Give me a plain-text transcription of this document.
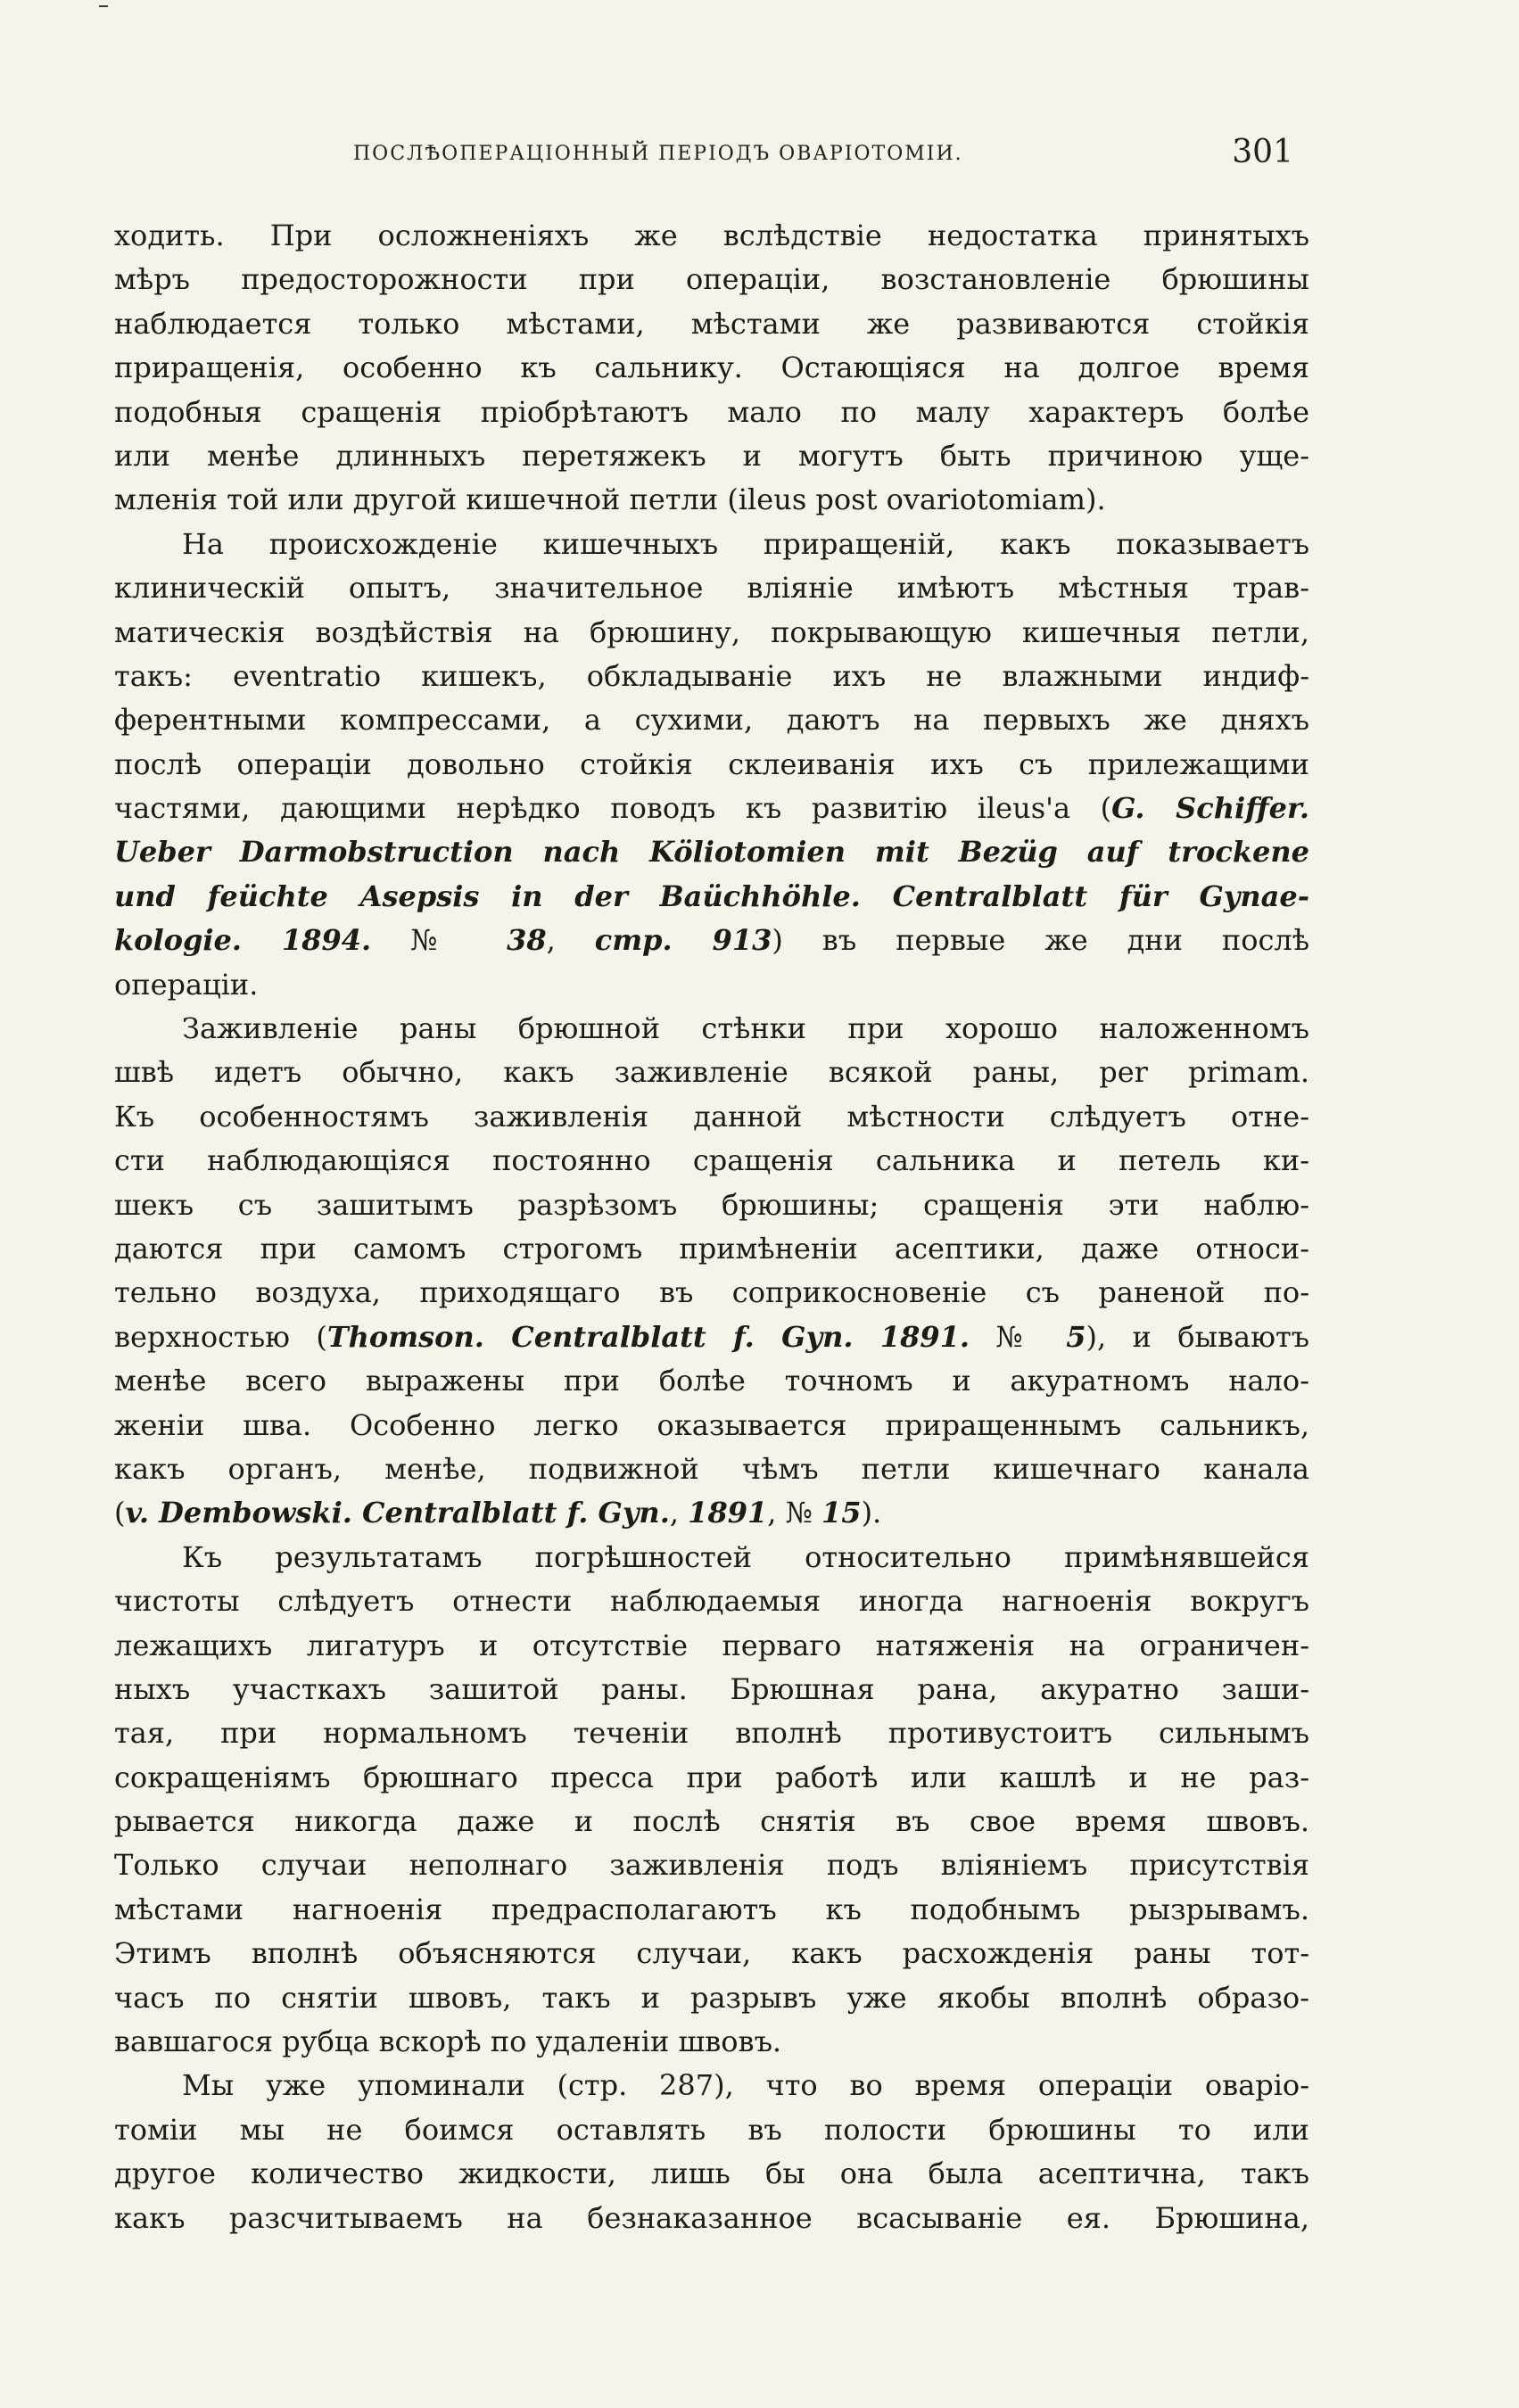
ПОСЛѢОПЕРАЦІОННЫЙ ПЕРІОДЪ ОВАРІОТОМІИ.	301
ходить. При осложненіяхъ же вслѣдствіе недостатка принятыхъ
мѣръ предосторожности при операціи, возстановленіе брюшины
наблюдается только мѣстами, мѣстами же развиваются стойкія
приращенія, особенно къ сальнику. Остающіяся на долгое время
подобныя сращенія пріобрѣтаютъ мало по малу характеръ болѣе
или менѣе длинныхъ перетяжекъ и могутъ быть причиною уще-
мленія той или другой кишечной петли (ileus post ovariotomiam).
На происхожденіе кишечныхъ приращеній, какъ показываетъ
клиническій опытъ, значительное вліяніе имѣютъ мѣстныя трав-
матическія воздѣйствія на брюшину, покрывающую кишечныя петли,
такъ: eventratio кишекъ, обкладываніе ихъ не влажными индиф-
ферентными компрессами, а сухими, даютъ на первыхъ же дняхъ
послѣ операціи довольно стойкія склеиванія ихъ съ прилежащими
частями, дающими нерѣдко поводъ къ развитію ileus'а (G. Schiffer.
Ueber Darmobstruction nach Köliotomien mit Bezüg auf trockene
und feüchte Asepsis in der Baüchhöhle. Centralblatt für Gynae-
kologie. 1894. № 38, стр. 913) въ первые же дни послѣ
операціи.
Заживленіе раны брюшной стѣнки при хорошо наложенномъ
швѣ идетъ обычно, какъ заживленіе всякой раны, per primam.
Къ особенностямъ заживленія данной мѣстности слѣдуетъ отне-
сти наблюдающіяся постоянно сращенія сальника и петель ки-
шекъ съ зашитымъ разрѣзомъ брюшины; сращенія эти наблю-
даются при самомъ строгомъ примѣненіи асептики, даже относи-
тельно воздуха, приходящаго въ соприкосновеніе съ раненой по-
верхностью (Thomson. Centralblatt f. Gyn. 1891. № 5), и бываютъ
менѣе всего выражены при болѣе точномъ и акуратномъ нало-
женіи шва. Особенно легко оказывается приращеннымъ сальникъ,
какъ органъ, менѣе, подвижной чѣмъ петли кишечнаго канала
(v. Dembowski. Centralblatt f. Gyn., 1891, № 15).
Къ результатамъ погрѣшностей относительно примѣнявшейся
чистоты слѣдуетъ отнести наблюдаемыя иногда нагноенія вокругъ
лежащихъ лигатуръ и отсутствіе перваго натяженія на ограничен-
ныхъ участкахъ зашитой раны. Брюшная рана, акуратно заши-
тая, при нормальномъ теченіи вполнѣ противустоитъ сильнымъ
сокращеніямъ брюшнаго пресса при работѣ или кашлѣ и не раз-
рывается никогда даже и послѣ снятія въ свое время швовъ.
Только случаи неполнаго заживленія подъ вліяніемъ присутствія
мѣстами нагноенія предрасполагаютъ къ подобнымъ рызрывамъ.
Этимъ вполнѣ объясняются случаи, какъ расхожденія раны тот-
часъ по снятіи швовъ, такъ и разрывъ уже якобы вполнѣ образо-
вавшагося рубца вскорѣ по удаленіи швовъ.
Мы уже упоминали (стр. 287), что во время операціи оваріо-
томіи мы не боимся оставлять въ полости брюшины то или
другое количество жидкости, лишь бы она была асептична, такъ
какъ разсчитываемъ на безнаказанное всасываніе ея. Брюшина,
